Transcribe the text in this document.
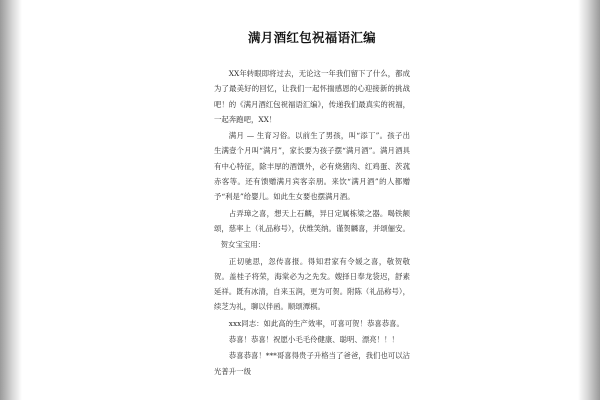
满月酒红包祝福语汇编

XX年转眼即将过去，无论这一年我们留下了什么，都成为了最美好的回忆，让我们一起怀揣感恩的心迎接新的挑战吧！的《满月酒红包祝福语汇编》，传递我们最真实的祝福，一起奔跑吧，XX！

满月 — 生育习俗。以前生了男孩，叫“添丁”。孩子出生满壹个月叫“满月”，家长要为孩子摆“满月酒”。满月酒具有中心特征，除丰厚的酒馔外，必有烧猪肉、红鸡蛋、茨菰赤客等。还有馈赠满月宾客亲朋。来饮“满月酒”的人都赠予“利是”给婴儿。如此生女要也摆满月酒。

占弄璋之喜，想天上石麟，异日定属栋梁之器。喝铁额颂，慈率上（礼品称号），伏维笑纳。谨贺麟喜，并颂俪安。

贺女宝宝用：

正切驰思，忽传喜报。得知君家有令媛之喜，敬贺敬贺。盖桂子将荣，海棠必为之先发。嫂择日奉龙袋迟，舒素延祥。既有冰清，自来玉润，更为可贺。附陈（礼品称号），续芝为礼，聊以伴函。顺颂潭棋。

xxx同志：如此高的生产效率，可喜可贺！恭喜恭喜。

恭喜！恭喜！祝愿小毛毛伶健康、聪明、漂亮！！！

恭喜恭喜！***哥喜得贵子升格当了爸爸，我们也可以沾光普升一级
